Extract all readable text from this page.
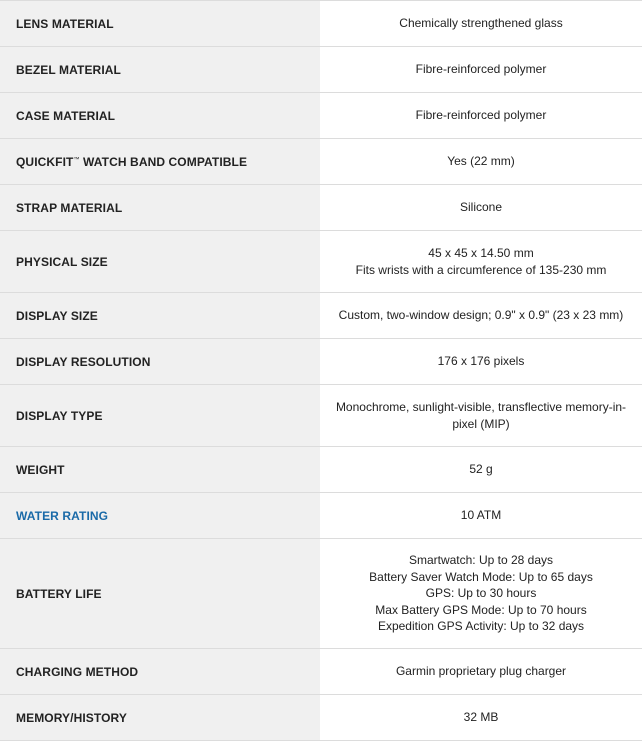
LENS MATERIAL	Chemically strengthened glass

BEZEL MATERIAL	Fibre-reinforced polymer

CASE MATERIAL	Fibre-reinforced polymer

QUICKFIT™ WATCH BAND COMPATIBLE	Yes (22 mm)

STRAP MATERIAL	Silicone

PHYSICAL SIZE	45 x 45 x 14.50 mm
Fits wrists with a circumference of 135-230 mm

DISPLAY SIZE	Custom, two-window design; 0.9" x 0.9" (23 x 23 mm)

DISPLAY RESOLUTION	176 x 176 pixels

DISPLAY TYPE	Monochrome, sunlight-visible, transflective memory-in-
pixel (MIP)

WEIGHT	52 g

WATER RATING	10 ATM

BATTERY LIFE	Smartwatch: Up to 28 days
Battery Saver Watch Mode: Up to 65 days
GPS: Up to 30 hours
Max Battery GPS Mode: Up to 70 hours
Expedition GPS Activity: Up to 32 days

CHARGING METHOD	Garmin proprietary plug charger

MEMORY/HISTORY	32 MB
